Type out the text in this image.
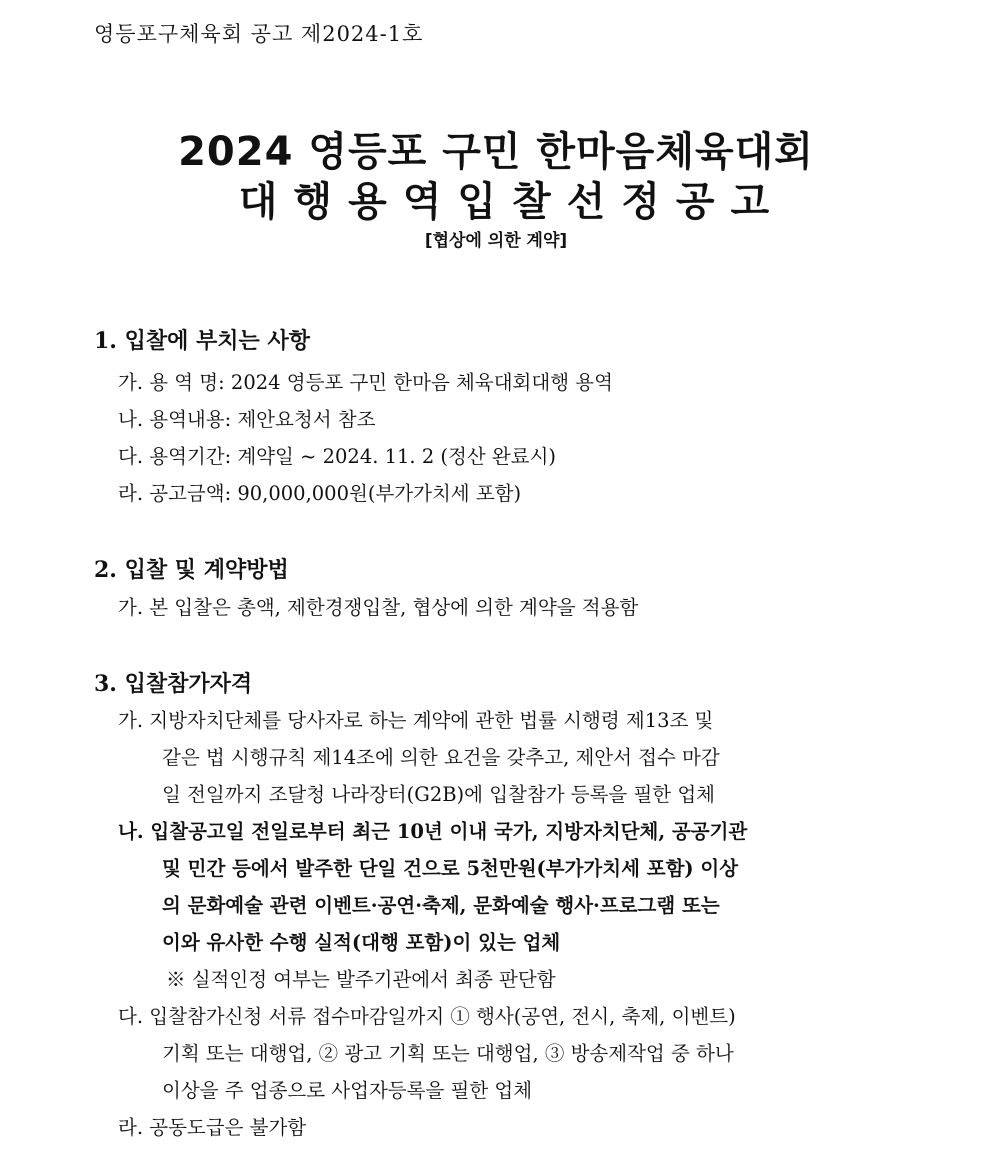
영등포구체육회 공고 제2024-1호
2024 영등포 구민 한마음체육대회
대행용역입찰선정공고
[협상에 의한 계약]
1. 입찰에 부치는 사항
가. 용 역 명: 2024 영등포 구민 한마음 체육대회대행 용역
나. 용역내용: 제안요청서 참조
다. 용역기간: 계약일 ~ 2024. 11. 2 (정산 완료시)
라. 공고금액: 90,000,000원(부가가치세 포함)
2. 입찰 및 계약방법
가. 본 입찰은 총액, 제한경쟁입찰, 협상에 의한 계약을 적용함
3. 입찰참가자격
가. 지방자치단체를 당사자로 하는 계약에 관한 법률 시행령 제13조 및
같은 법 시행규칙 제14조에 의한 요건을 갖추고, 제안서 접수 마감
일 전일까지 조달청 나라장터(G2B)에 입찰참가 등록을 필한 업체
나. 입찰공고일 전일로부터 최근 10년 이내 국가, 지방자치단체, 공공기관
및 민간 등에서 발주한 단일 건으로 5천만원(부가가치세 포함) 이상
의 문화예술 관련 이벤트·공연·축제, 문화예술 행사·프로그램 또는
이와 유사한 수행 실적(대행 포함)이 있는 업체
※ 실적인정 여부는 발주기관에서 최종 판단함
다. 입찰참가신청 서류 접수마감일까지 ① 행사(공연, 전시, 축제, 이벤트)
기획 또는 대행업, ② 광고 기획 또는 대행업, ③ 방송제작업 중 하나
이상을 주 업종으로 사업자등록을 필한 업체
라. 공동도급은 불가함
